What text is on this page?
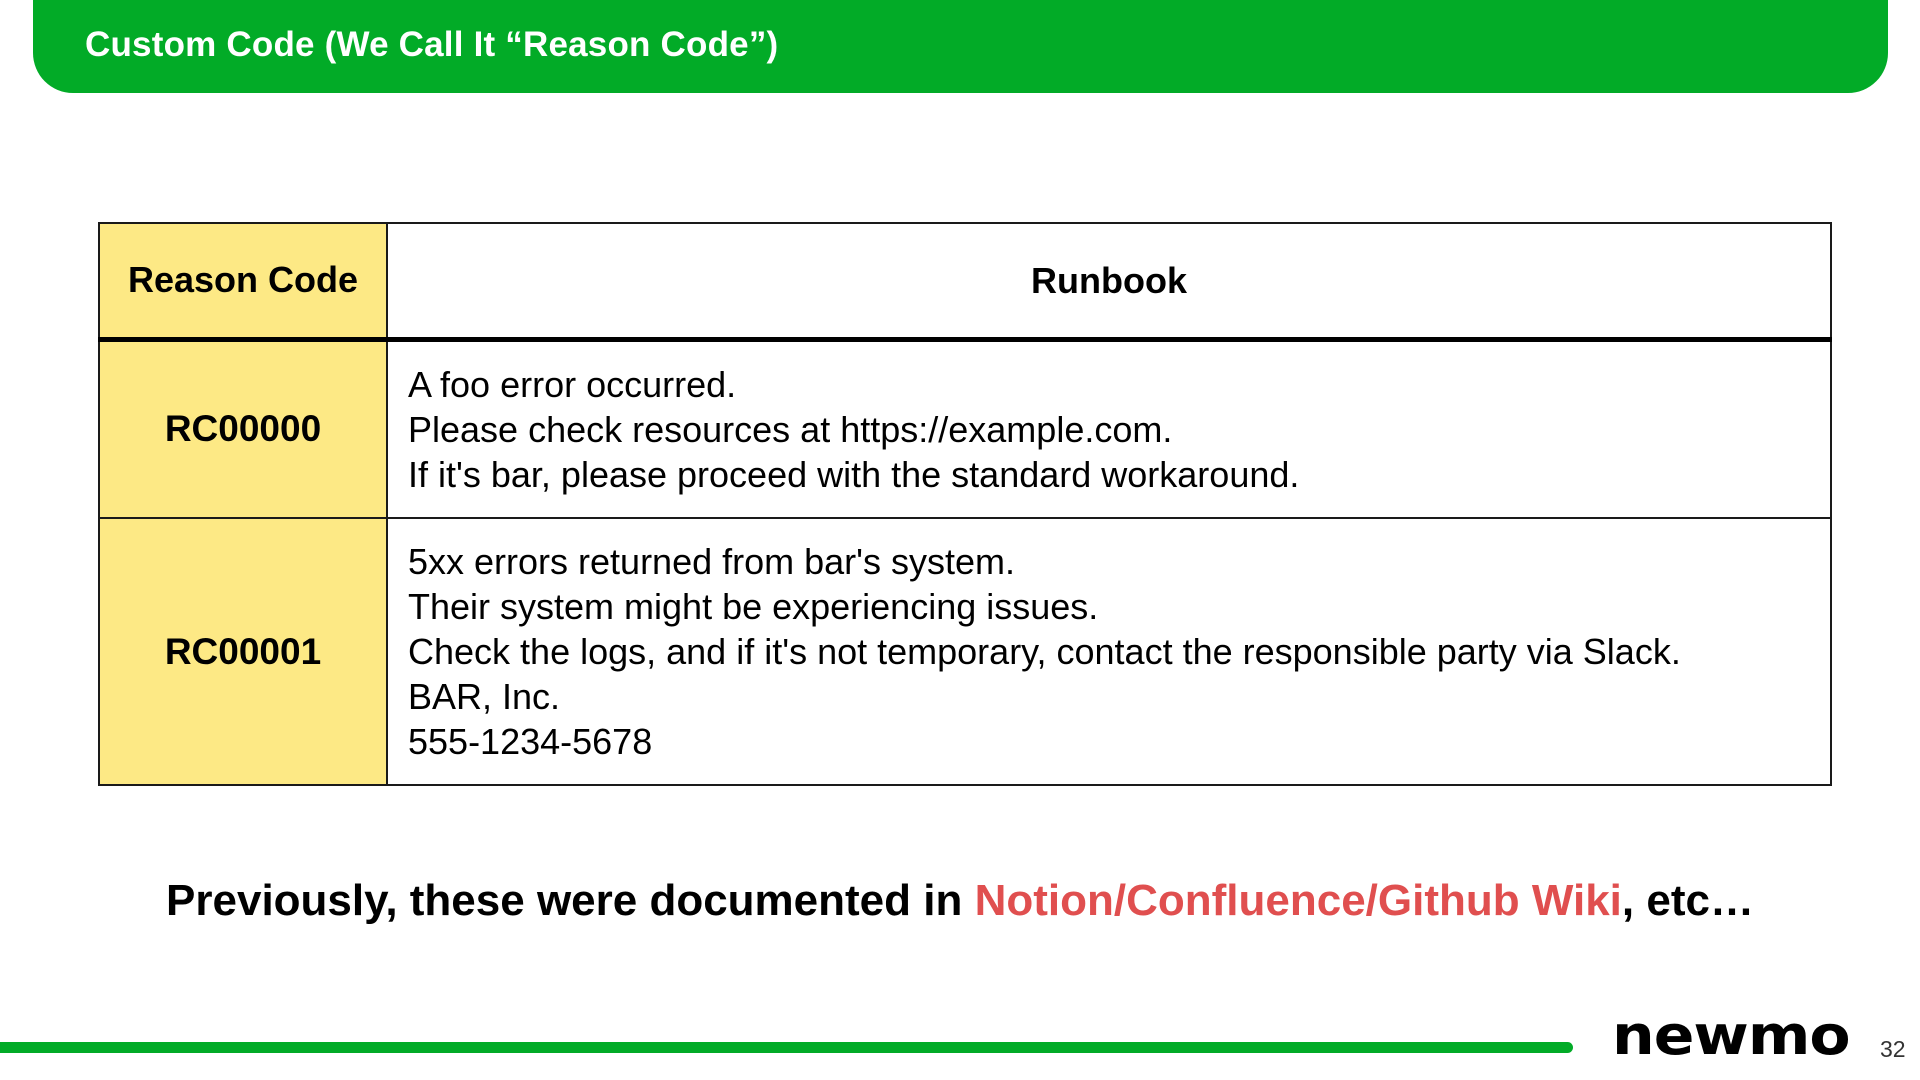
Custom Code (We Call It “Reason Code”)
Reason Code	Runbook
RC00000	A foo error occurred.
Please check resources at https://example.com.
If it's bar, please proceed with the standard workaround.

RC00001	5xx errors returned from bar's system.
Their system might be experiencing issues.
Check the logs, and if it's not temporary, contact the responsible party via Slack.
BAR, Inc.
555-1234-5678
Previously, these were documented in Notion/Confluence/Github Wiki, etc…
newmo 32
